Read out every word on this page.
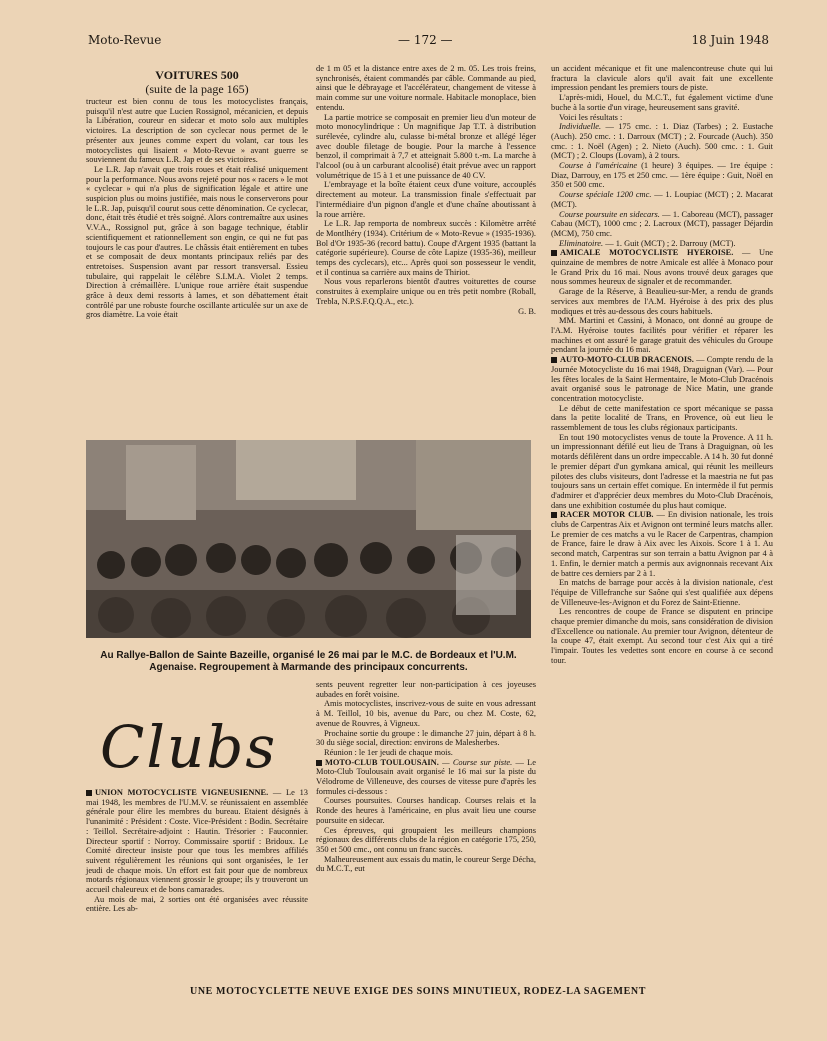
Moto-Revue	— 172 —	18 Juin 1948

VOITURES 500

(suite de la page 165)

tructeur est bien connu de tous les motocyclistes français, puisqu'il n'est autre que Lucien Rossignol, mécanicien, et depuis la Libération, coureur en sidecar et moto solo aux multiples victoires. La description de son cyclecar nous permet de le présenter aux jeunes comme expert du volant, car tous les motocyclistes qui lisaient « Moto-Revue » avant guerre se souviennent du fameux L.R. Jap et de ses victoires.

Le L.R. Jap n'avait que trois roues et était réalisé uniquement pour la performance. Nous avons rejeté pour nos « racers » le mot « cyclecar » qui n'a plus de signification légale et attire une suspicion plus ou moins justifiée, mais nous le conserverons pour le L.R. Jap, puisqu'il courut sous cette dénomination. Ce cyclecar, donc, était très étudié et très soigné. Alors contremaître aux usines V.V.A., Rossignol put, grâce à son bagage technique, établir scientifiquement et rationnellement son engin, ce qui ne fut pas toujours le cas pour d'autres. Le châssis était entièrement en tubes et se composait de deux montants principaux reliés par des entretoises. Suspension avant par ressort transversal. Essieu tubulaire, qui rappelait le célèbre S.I.M.A. Violet 2 temps. Direction à crémaillère. L'unique roue arrière était suspendue grâce à deux demi ressorts à lames, et son débattement était contrôlé par une robuste fourche oscillante articulée sur un axe de gros diamètre. La voie était

de 1 m 05 et la distance entre axes de 2 m. 05. Les trois freins, synchronisés, étaient commandés par câble. Commande au pied, ainsi que le débrayage et l'accélérateur, changement de vitesse à main comme sur une voiture normale. Habitacle monoplace, bien entendu.

La partie motrice se composait en premier lieu d'un moteur de moto monocylindrique : Un magnifique Jap T.T. à distribution surélevée, cylindre alu, culasse bi-métal bronze et allégé léger avec double filetage de bougie. Pour la marche à l'essence benzol, il comprimait à 7,7 et atteignait 5.800 t.-m. La marche à l'alcool (ou à un carburant alcoolisé) était prévue avec un rapport volumétrique de 15 à 1 et une puissance de 40 CV.

L'embrayage et la boîte étaient ceux d'une voiture, accouplés directement au moteur. La transmission finale s'effectuait par l'intermédiaire d'un pignon d'angle et d'une chaîne aboutissant à la roue arrière.

Le L.R. Jap remporta de nombreux succès : Kilomètre arrêté de Montlhéry (1934). Critérium de « Moto-Revue » (1935-1936). Bol d'Or 1935-36 (record battu). Coupe d'Argent 1935 (battant la catégorie supérieure). Course de côte Lapize (1935-36), meilleur temps des cyclecars), etc... Après quoi son possesseur le vendit, et il continua sa carrière aux mains de Thiriot.

Nous vous reparlerons bientôt d'autres voiturettes de course construites à exemplaire unique ou en très petit nombre (Roball, Trebla, N.P.S.F.Q.Q.A., etc.).

G. B.

un accident mécanique et fit une malencontreuse chute qui lui fractura la clavicule alors qu'il avait fait une excellente impression pendant les premiers tours de piste.

L'après-midi, Houel, du M.C.T., fut également victime d'une buche à la sortie d'un virage, heureusement sans gravité.

Voici les résultats :

Individuelle. — 175 cmc. : 1. Diaz (Tarbes) ; 2. Eustache (Auch). 250 cmc. : 1. Darroux (MCT) ; 2. Fourcade (Auch). 350 cmc. : 1. Noël (Agen) ; 2. Nieto (Auch). 500 cmc. : 1. Guit (MCT) ; 2. Cloups (Lovam), à 2 tours.

Course à l'américaine (1 heure) 3 équipes. — 1re équipe : Diaz, Darrouy, en 175 et 250 cmc. — 1ère équipe : Guit, Noël en 350 et 500 cmc.

Course spéciale 1200 cmc. — 1. Loupiac (MCT) ; 2. Macarat (MCT).

Course poursuite en sidecars. — 1. Caboreau (MCT), passager Cabau (MCT), 1000 cmc ; 2. Lacroux (MCT), passager Déjardin (MCM), 750 cmc.

Eliminatoire. — 1. Guit (MCT) ; 2. Darrouy (MCT).

AMICALE MOTOCYCLISTE HYEROISE. — Une quinzaine de membres de notre Amicale est allée à Monaco pour le Grand Prix du 16 mai. Nous avons trouvé deux garages que nous sommes heureux de signaler et de recommander.

Garage de la Réserve, à Beaulieu-sur-Mer, a rendu de grands services aux membres de l'A.M. Hyéroise à des prix des plus modiques et très au-dessous des cours habituels.

MM. Martini et Cassini, à Monaco, ont donné au groupe de l'A.M. Hyéroise toutes facilités pour vérifier et réparer les machines et ont assuré le garage gratuit des véhicules du Groupe pendant la journée du 16 mai.

AUTO-MOTO-CLUB DRACENOIS. — Compte rendu de la Journée Motocycliste du 16 mai 1948, Draguignan (Var). — Pour les fêtes locales de la Saint Hermentaire, le Moto-Club Dracénois avait organisé sous le patronage de Nice Matin, une grande concentration motocycliste.

Le début de cette manifestation ce sport mécanique se passa dans la petite localité de Trans, en Provence, où eut lieu le rassemblement de tous les clubs régionaux participants.

En tout 190 motocyclistes venus de toute la Provence. A 11 h. un impressionnant défilé eut lieu de Trans à Draguignan, où les motards défilèrent dans un ordre impeccable. A 14 h. 30 fut donné le premier départ d'un gymkana amical, qui réunit les meilleurs pilotes des clubs visiteurs, dont l'adresse et la maestria ne fut pas toujours sans un certain effet comique. En intermède il fut permis d'admirer et d'apprécier deux membres du Moto-Club Dracénois, dans une exhibition costumée du plus haut comique.

RACER MOTOR CLUB. — En division nationale, les trois clubs de Carpentras Aix et Avignon ont terminé leurs matchs aller. Le premier de ces matchs a vu le Racer de Carpentras, champion de France, faire le draw à Aix avec les Aixois. Score 1 à 1. Au second match, Carpentras sur son terrain a battu Avignon par 4 à 1. Enfin, le dernier match a permis aux avignonnais recevant Aix de battre ces derniers par 2 à 1.

En matchs de barrage pour accès à la division nationale, c'est l'équipe de Villefranche sur Saône qui s'est qualifiée aux dépens de Villeneuve-les-Avignon et du Forez de Saint-Etienne.

Les rencontres de coupe de France se disputent en principe chaque premier dimanche du mois, sans considération de division d'Excellence ou nationale. Au premier tour Avignon, détenteur de la coupe 47, était exempt. Au second tour c'est Aix qui a tiré l'impair. Toutes les vedettes sont encore en course à ce second tour.

Au Rallye-Ballon de Sainte Bazeille, organisé le 26 mai par le M.C. de Bordeaux et l'U.M. Agenaise. Regroupement à Marmande des principaux concurrents.
Clubs

UNION MOTOCYCLISTE VIGNEUSIENNE. — Le 13 mai 1948, les membres de l'U.M.V. se réunissaient en assemblée générale pour élire les membres du bureau. Etaient désignés à l'unanimité : Président : Coste. Vice-Président : Bodin. Secrétaire : Teillol. Secrétaire-adjoint : Hautin. Trésorier : Fauconnier. Directeur sportif : Norroy. Commissaire sportif : Bridoux. Le Comité directeur insiste pour que tous les membres affiliés suivent régulièrement les réunions qui sont organisées, le 1er jeudi de chaque mois. Un effort est fait pour que de nombreux motards régionaux viennent grossir le groupe; ils y trouveront un accueil chaleureux et de bons camarades.

Au mois de mai, 2 sorties ont été organisées avec réussite entière. Les ab-

sents peuvent regretter leur non-participation à ces joyeuses aubades en forêt voisine.

Amis motocyclistes, inscrivez-vous de suite en vous adressant à M. Teillol, 10 bis, avenue du Parc, ou chez M. Coste, 62, avenue de Rouvres, à Vigneux.

Prochaine sortie du groupe : le dimanche 27 juin, départ à 8 h. 30 du siège social, direction: environs de Malesherbes.

Réunion : le 1er jeudi de chaque mois.

MOTO-CLUB TOULOUSAIN. — Course sur piste. — Le Moto-Club Toulousain avait organisé le 16 mai sur la piste du Vélodrome de Villeneuve, des courses de vitesse pure d'après les formules ci-dessous :

Courses poursuites. Courses handicap. Courses relais et la Ronde des heures à l'américaine, en plus avait lieu une course poursuite en sidecar.

Ces épreuves, qui groupaient les meilleurs champions régionaux des différents clubs de la région en catégorie 175, 250, 350 et 500 cmc., ont connu un franc succès.

Malheureusement aux essais du matin, le coureur Serge Décha, du M.C.T., eut

UNE MOTOCYCLETTE NEUVE EXIGE DES SOINS MINUTIEUX, RODEZ-LA SAGEMENT
